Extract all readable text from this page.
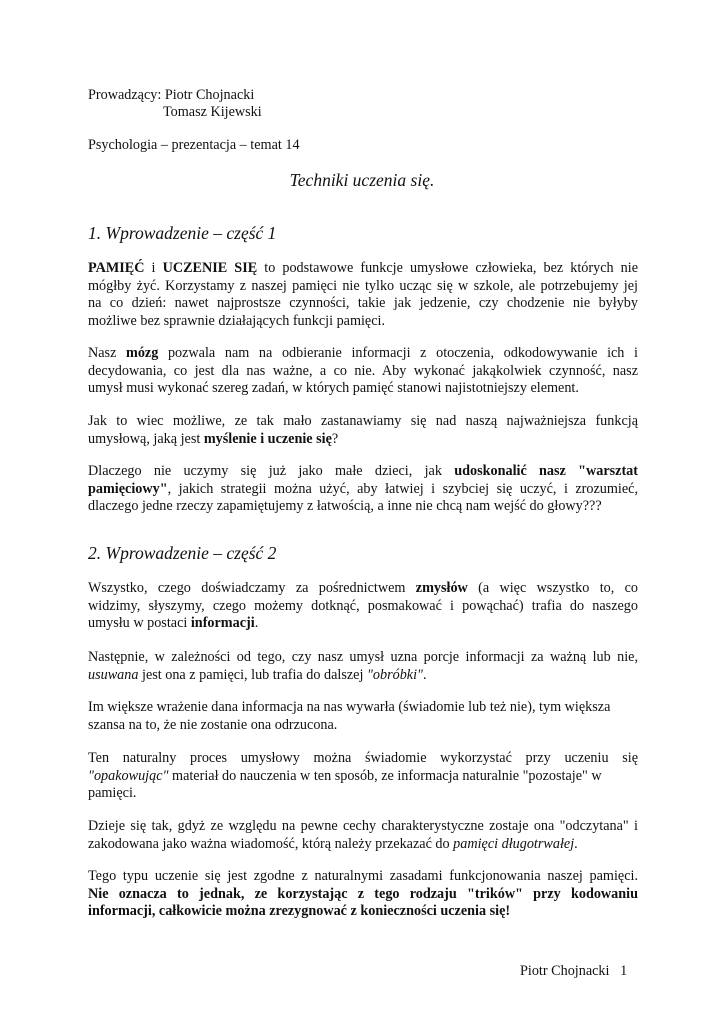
Prowadzący: Piotr Chojnacki
Tomasz Kijewski
Psychologia – prezentacja – temat 14
Techniki uczenia się.
1. Wprowadzenie – część 1
PAMIĘĆ i UCZENIE SIĘ to podstawowe funkcje umysłowe człowieka, bez których nie
mógłby żyć. Korzystamy z naszej pamięci nie tylko ucząc się w szkole, ale potrzebujemy jej
na co dzień: nawet najprostsze czynności, takie jak jedzenie, czy chodzenie nie byłyby
możliwe bez sprawnie działających funkcji pamięci.
Nasz mózg pozwala nam na odbieranie informacji z otoczenia, odkodowywanie ich i
decydowania, co jest dla nas ważne, a co nie. Aby wykonać jakąkolwiek czynność, nasz
umysł musi wykonać szereg zadań, w których pamięć stanowi najistotniejszy element.
Jak to wiec możliwe, ze tak mało zastanawiamy się nad naszą najważniejsza funkcją
umysłową, jaką jest myślenie i uczenie się?
Dlaczego nie uczymy się już jako małe dzieci, jak udoskonalić nasz "warsztat
pamięciowy", jakich strategii można użyć, aby łatwiej i szybciej się uczyć, i zrozumieć,
dlaczego jedne rzeczy zapamiętujemy z łatwością, a inne nie chcą nam wejść do głowy???
2. Wprowadzenie – część 2
Wszystko, czego doświadczamy za pośrednictwem zmysłów (a więc wszystko to, co
widzimy, słyszymy, czego możemy dotknąć, posmakować i powąchać) trafia do naszego
umysłu w postaci informacji.
Następnie, w zależności od tego, czy nasz umysł uzna porcje informacji za ważną lub nie,
usuwana jest ona z pamięci, lub trafia do dalszej "obróbki".
Im większe wrażenie dana informacja na nas wywarła (świadomie lub też nie), tym większa
szansa na to, że nie zostanie ona odrzucona.
Ten naturalny proces umysłowy można świadomie wykorzystać przy uczeniu się
"opakowując" materiał do nauczenia w ten sposób, ze informacja naturalnie "pozostaje" w
pamięci.
Dzieje się tak, gdyż ze względu na pewne cechy charakterystyczne zostaje ona "odczytana" i
zakodowana jako ważna wiadomość, którą należy przekazać do pamięci długotrwałej.
Tego typu uczenie się jest zgodne z naturalnymi zasadami funkcjonowania naszej pamięci.
Nie oznacza to jednak, ze korzystając z tego rodzaju "trików" przy kodowaniu
informacji, całkowicie można zrezygnować z konieczności uczenia się!
Piotr Chojnacki 1
